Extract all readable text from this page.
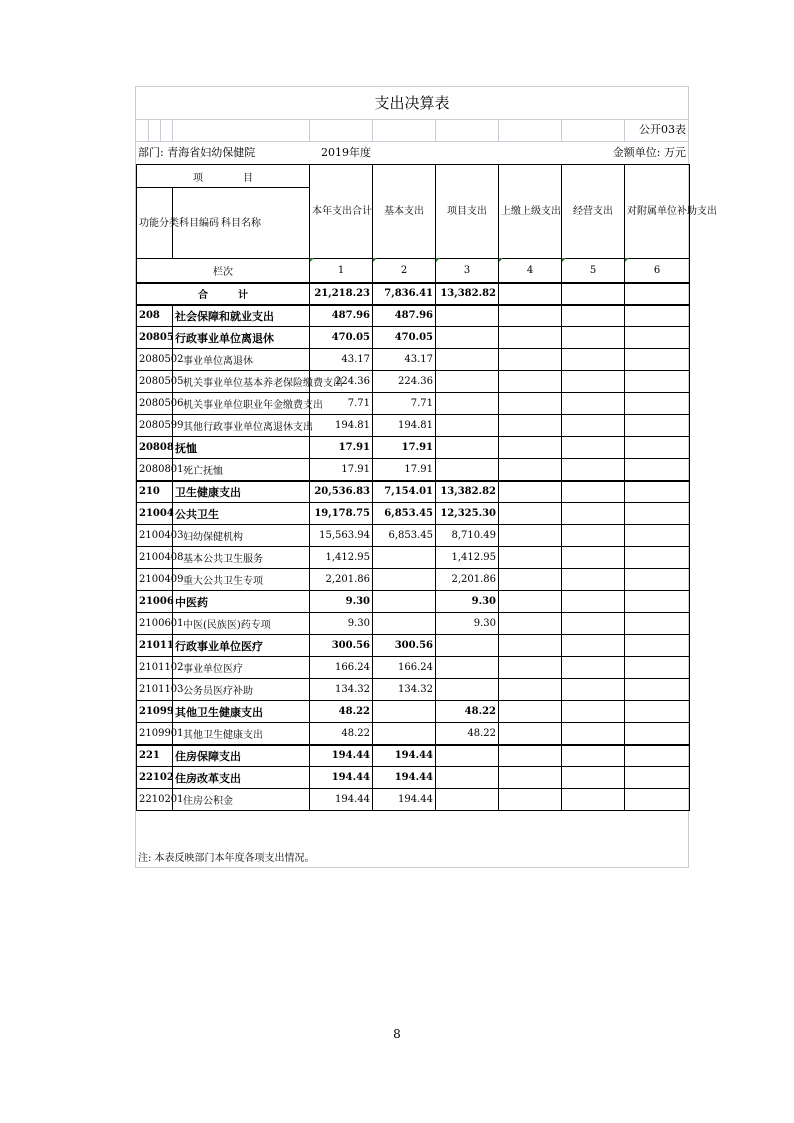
支出决算表
公开03表
部门: 青海省妇幼保健院	2019年度	金额单位: 万元
项　　　　目		本年支出合计	基本支出	项目支出	上缴上级支出	经营支出	对附属单位补助支出
功能分类科目编码	科目名称						
栏次		1	2	3	4	5	6
合　　　计		21,218.23	7,836.41	13,382.82			
208	社会保障和就业支出	487.96	487.96				
20805	行政事业单位离退休	470.05	470.05				
2080502	事业单位离退休	43.17	43.17				
2080505	机关事业单位基本养老保险缴费支出	224.36	224.36				
2080506	机关事业单位职业年金缴费支出	7.71	7.71				
2080599	其他行政事业单位离退休支出	194.81	194.81				
20808	抚恤	17.91	17.91				
2080801	死亡抚恤	17.91	17.91				
210	卫生健康支出	20,536.83	7,154.01	13,382.82			
21004	公共卫生	19,178.75	6,853.45	12,325.30			
2100403	妇幼保健机构	15,563.94	6,853.45	8,710.49			
2100408	基本公共卫生服务	1,412.95		1,412.95			
2100409	重大公共卫生专项	2,201.86		2,201.86			
21006	中医药	9.30		9.30			
2100601	中医(民族医)药专项	9.30		9.30			
21011	行政事业单位医疗	300.56	300.56				
2101102	事业单位医疗	166.24	166.24				
2101103	公务员医疗补助	134.32	134.32				
21099	其他卫生健康支出	48.22		48.22			
2109901	其他卫生健康支出	48.22		48.22			
221	住房保障支出	194.44	194.44				
22102	住房改革支出	194.44	194.44				
2210201	住房公积金	194.44	194.44				
注: 本表反映部门本年度各项支出情况。
8
